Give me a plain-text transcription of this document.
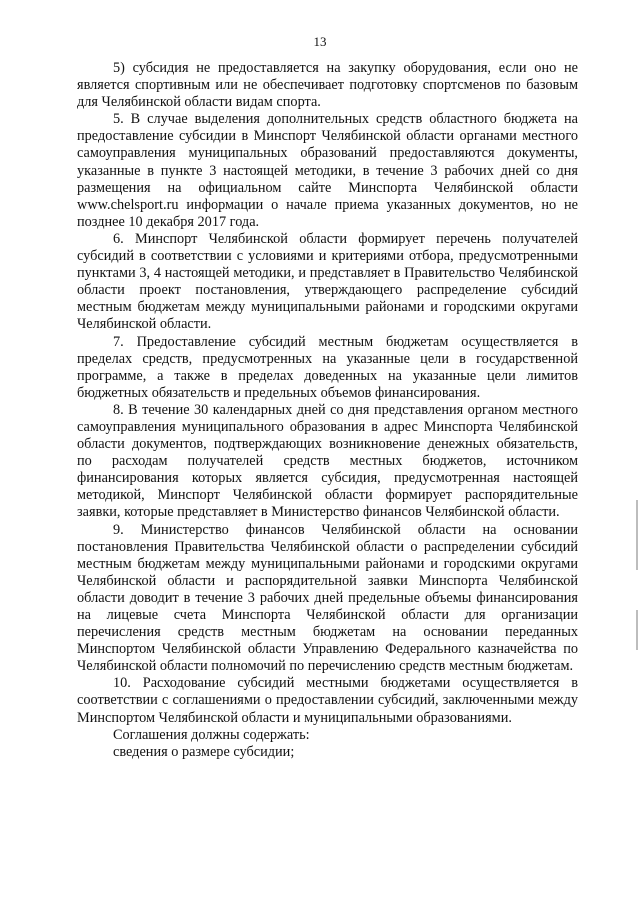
13

5) субсидия не предоставляется на закупку оборудования, если оно не является спортивным или не обеспечивает подготовку спортсменов по базовым для Челябинской области видам спорта.

5. В случае выделения дополнительных средств областного бюджета на предоставление субсидии в Минспорт Челябинской области органами местного самоуправления муниципальных образований предоставляются документы, указанные в пункте 3 настоящей методики, в течение 3 рабочих дней со дня размещения на официальном сайте Минспорта Челябинской области www.chelsport.ru информации о начале приема указанных документов, но не позднее 10 декабря 2017 года.

6. Минспорт Челябинской области формирует перечень получателей субсидий в соответствии с условиями и критериями отбора, предусмотренными пунктами 3, 4 настоящей методики, и представляет в Правительство Челябинской области проект постановления, утверждающего распределение субсидий местным бюджетам между муниципальными районами и городскими округами Челябинской области.

7. Предоставление субсидий местным бюджетам осуществляется в пределах средств, предусмотренных на указанные цели в государственной программе, а также в пределах доведенных на указанные цели лимитов бюджетных обязательств и предельных объемов финансирования.

8. В течение 30 календарных дней со дня представления органом местного самоуправления муниципального образования в адрес Минспорта Челябинской области документов, подтверждающих возникновение денежных обязательств, по расходам получателей средств местных бюджетов, источником финансирования которых является субсидия, предусмотренная настоящей методикой, Минспорт Челябинской области формирует распорядительные заявки, которые представляет в Министерство финансов Челябинской области.

9. Министерство финансов Челябинской области на основании постановления Правительства Челябинской области о распределении субсидий местным бюджетам между муниципальными районами и городскими округами Челябинской области и распорядительной заявки Минспорта Челябинской области доводит в течение 3 рабочих дней предельные объемы финансирования на лицевые счета Минспорта Челябинской области для организации перечисления средств местным бюджетам на основании переданных Минспортом Челябинской области Управлению Федерального казначейства по Челябинской области полномочий по перечислению средств местным бюджетам.

10. Расходование субсидий местными бюджетами осуществляется в соответствии с соглашениями о предоставлении субсидий, заключенными между Минспортом Челябинской области и муниципальными образованиями.

Соглашения должны содержать:

сведения о размере субсидии;
